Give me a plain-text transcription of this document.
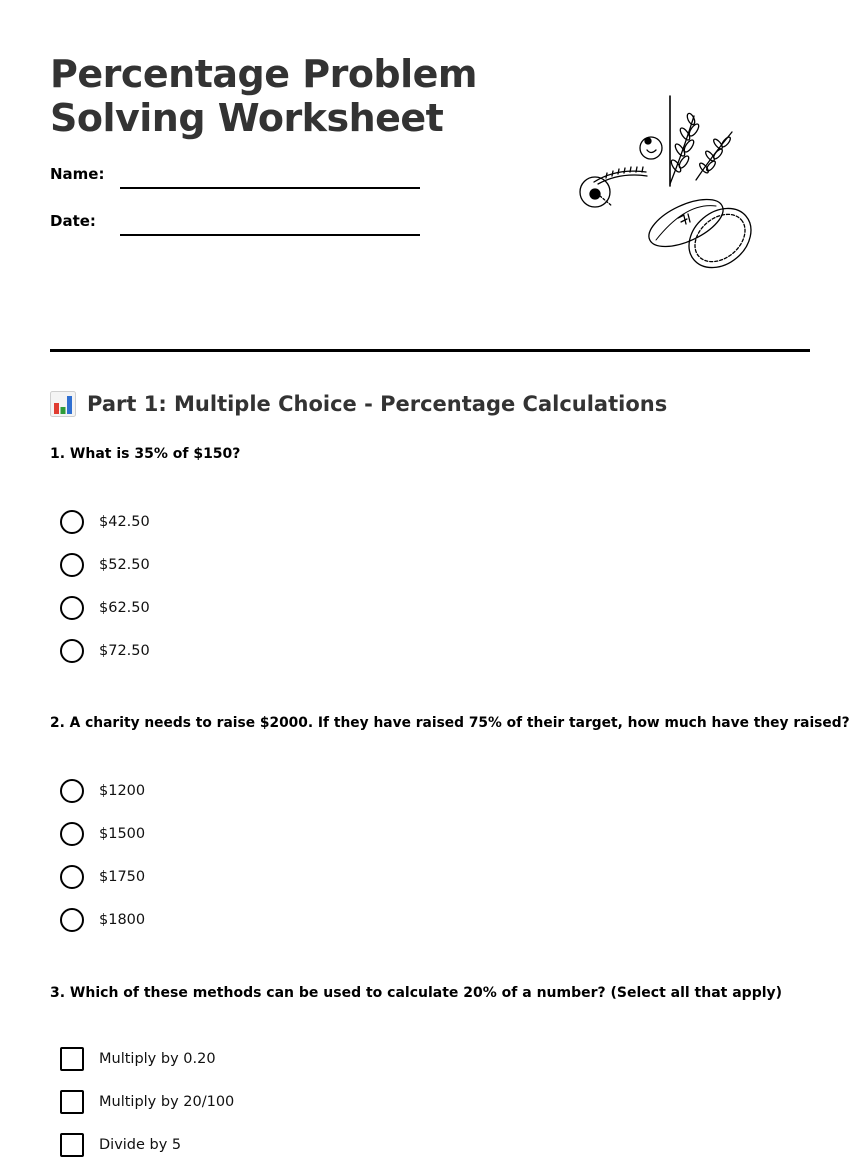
Percentage Problem
Solving Worksheet
Name:
Date:
Part 1: Multiple Choice - Percentage Calculations

1. What is 35% of $150?

$42.50
$52.50
$62.50
$72.50

2. A charity needs to raise $2000. If they have raised 75% of their target, how much have they raised?

$1200
$1500
$1750
$1800

3. Which of these methods can be used to calculate 20% of a number? (Select all that apply)

Multiply by 0.20
Multiply by 20/100
Divide by 5
